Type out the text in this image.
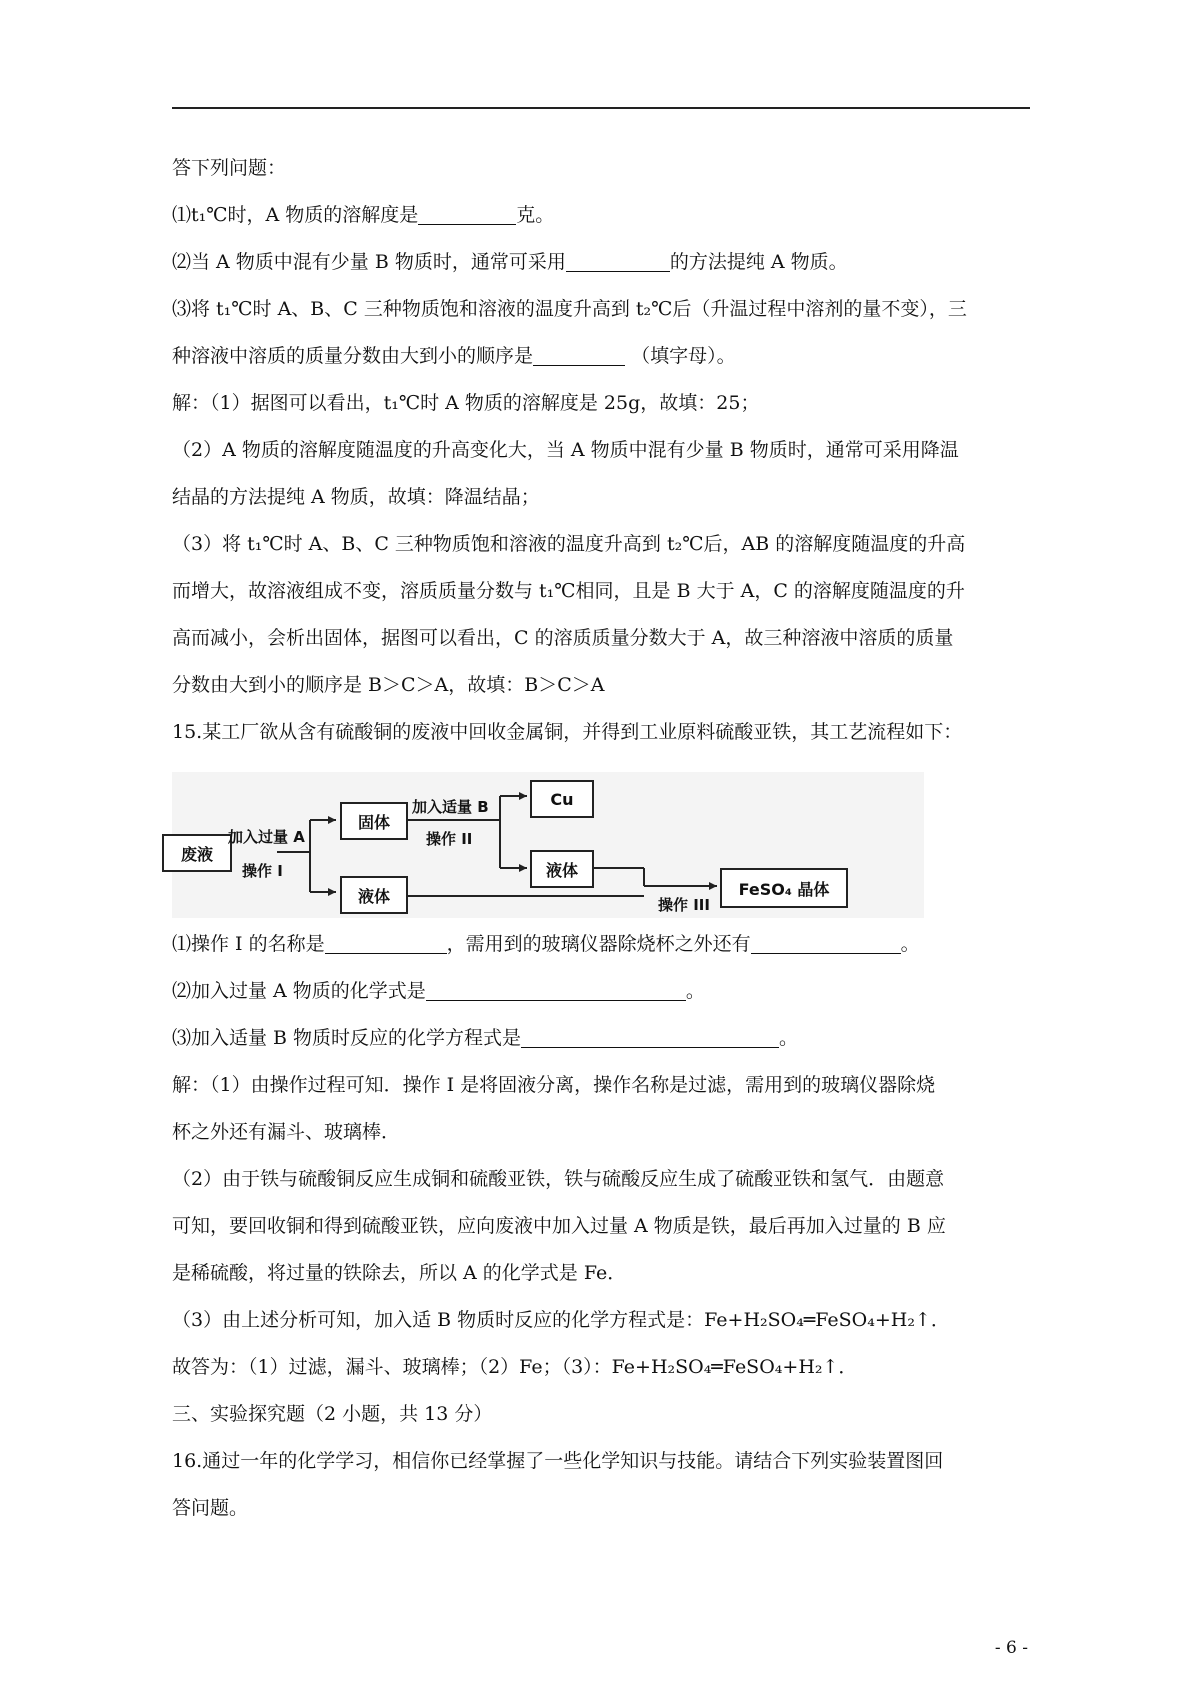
答下列问题：
⑴t₁℃时，A 物质的溶解度是	克。
⑵当 A 物质中混有少量 B 物质时，通常可采用	的方法提纯 A 物质。
⑶将 t₁℃时 A、B、C 三种物质饱和溶液的温度升高到 t₂℃后（升温过程中溶剂的量不变），三
种溶液中溶质的质量分数由大到小的顺序是	（填字母）。
解：（1）据图可以看出，t₁℃时 A 物质的溶解度是 25g，故填：25；
（2）A 物质的溶解度随温度的升高变化大，当 A 物质中混有少量 B 物质时，通常可采用降温
结晶的方法提纯 A 物质，故填：降温结晶；
（3）将 t₁℃时 A、B、C 三种物质饱和溶液的温度升高到 t₂℃后，AB 的溶解度随温度的升高
而增大，故溶液组成不变，溶质质量分数与 t₁℃相同，且是 B 大于 A，C 的溶解度随温度的升
高而减小，会析出固体，据图可以看出，C 的溶质质量分数大于 A，故三种溶液中溶质的质量
分数由大到小的顺序是 B＞C＞A，故填：B＞C＞A
15.某工厂欲从含有硫酸铜的废液中回收金属铜，并得到工业原料硫酸亚铁，其工艺流程如下：
废液
固体
液体
Cu
液体
FeSO₄ 晶体
加入过量 A
操作 I
加入适量 B
操作 II
操作 III
⑴操作 I 的名称是	，需用到的玻璃仪器除烧杯之外还有	。
⑵加入过量 A 物质的化学式是	。
⑶加入适量 B 物质时反应的化学方程式是	。
解：（1）由操作过程可知．操作 I 是将固液分离，操作名称是过滤，需用到的玻璃仪器除烧
杯之外还有漏斗、玻璃棒．
（2）由于铁与硫酸铜反应生成铜和硫酸亚铁，铁与硫酸反应生成了硫酸亚铁和氢气．由题意
可知，要回收铜和得到硫酸亚铁，应向废液中加入过量 A 物质是铁，最后再加入过量的 B 应
是稀硫酸，将过量的铁除去，所以 A 的化学式是 Fe．
（3）由上述分析可知，加入适 B 物质时反应的化学方程式是：Fe+H₂SO₄═FeSO₄+H₂↑．
故答为：（1）过滤，漏斗、玻璃棒；（2）Fe；（3）：Fe+H₂SO₄═FeSO₄+H₂↑．
三、实验探究题（2 小题，共 13 分）
16.通过一年的化学学习，相信你已经掌握了一些化学知识与技能。请结合下列实验装置图回
答问题。
- 6 -
